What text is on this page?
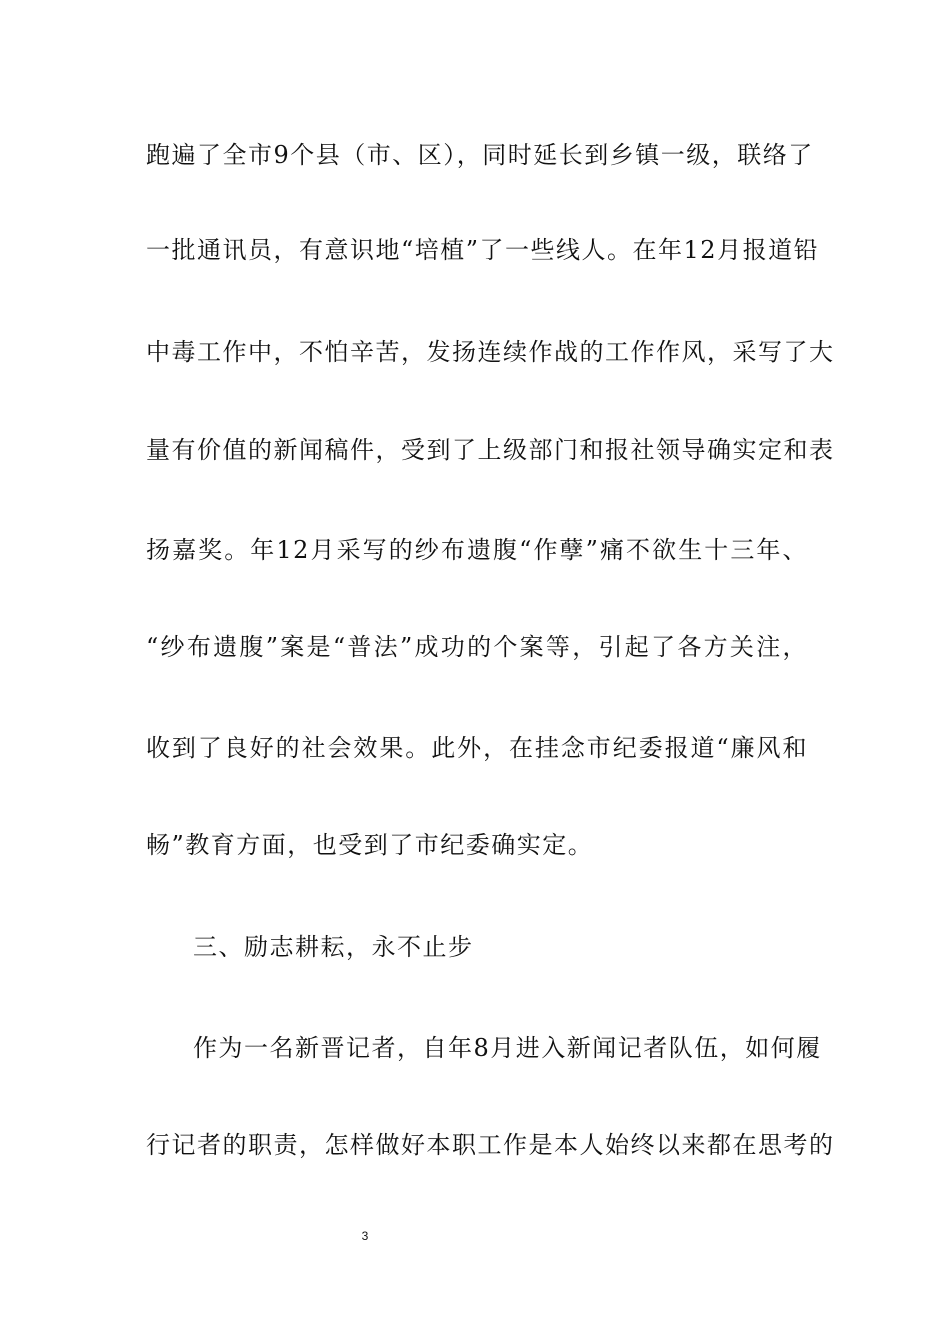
跑遍了全市9个县（市、区），同时延长到乡镇一级，联络了
一批通讯员，有意识地“培植”了一些线人。在年12月报道铅
中毒工作中，不怕辛苦，发扬连续作战的工作作风，采写了大
量有价值的新闻稿件，受到了上级部门和报社领导确实定和表
扬嘉奖。年12月采写的纱布遗腹“作孽”痛不欲生十三年、
“纱布遗腹”案是“普法”成功的个案等，引起了各方关注，
收到了良好的社会效果。此外，在挂念市纪委报道“廉风和
畅”教育方面，也受到了市纪委确实定。
三、励志耕耘，永不止步
作为一名新晋记者，自年8月进入新闻记者队伍，如何履
行记者的职责，怎样做好本职工作是本人始终以来都在思考的
3
